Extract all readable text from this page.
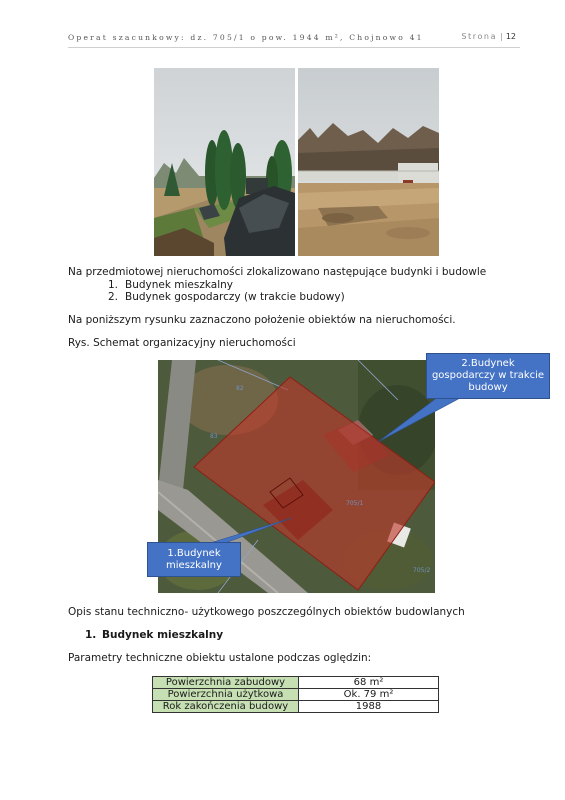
Operat szacunkowy: dz. 705/1 o pow. 1944 m², Chojnowo 41	Strona | 12
Na przedmiotowej nieruchomości zlokalizowano następujące budynki i budowle
1. Budynek mieszkalny
2. Budynek gospodarczy (w trakcie budowy)
Na poniższym rysunku zaznaczono położenie obiektów na nieruchomości.
Rys. Schemat organizacyjny nieruchomości
82
83
705/1
705/2
2.Budynek
gospodarczy w trakcie
budowy
1.Budynek
mieszkalny
Opis stanu techniczno- użytkowego poszczególnych obiektów budowlanych
1. Budynek mieszkalny
Parametry techniczne obiektu ustalone podczas oględzin:
Powierzchnia zabudowy	68 m²
Powierzchnia użytkowa	Ok. 79 m²
Rok zakończenia budowy	1988
